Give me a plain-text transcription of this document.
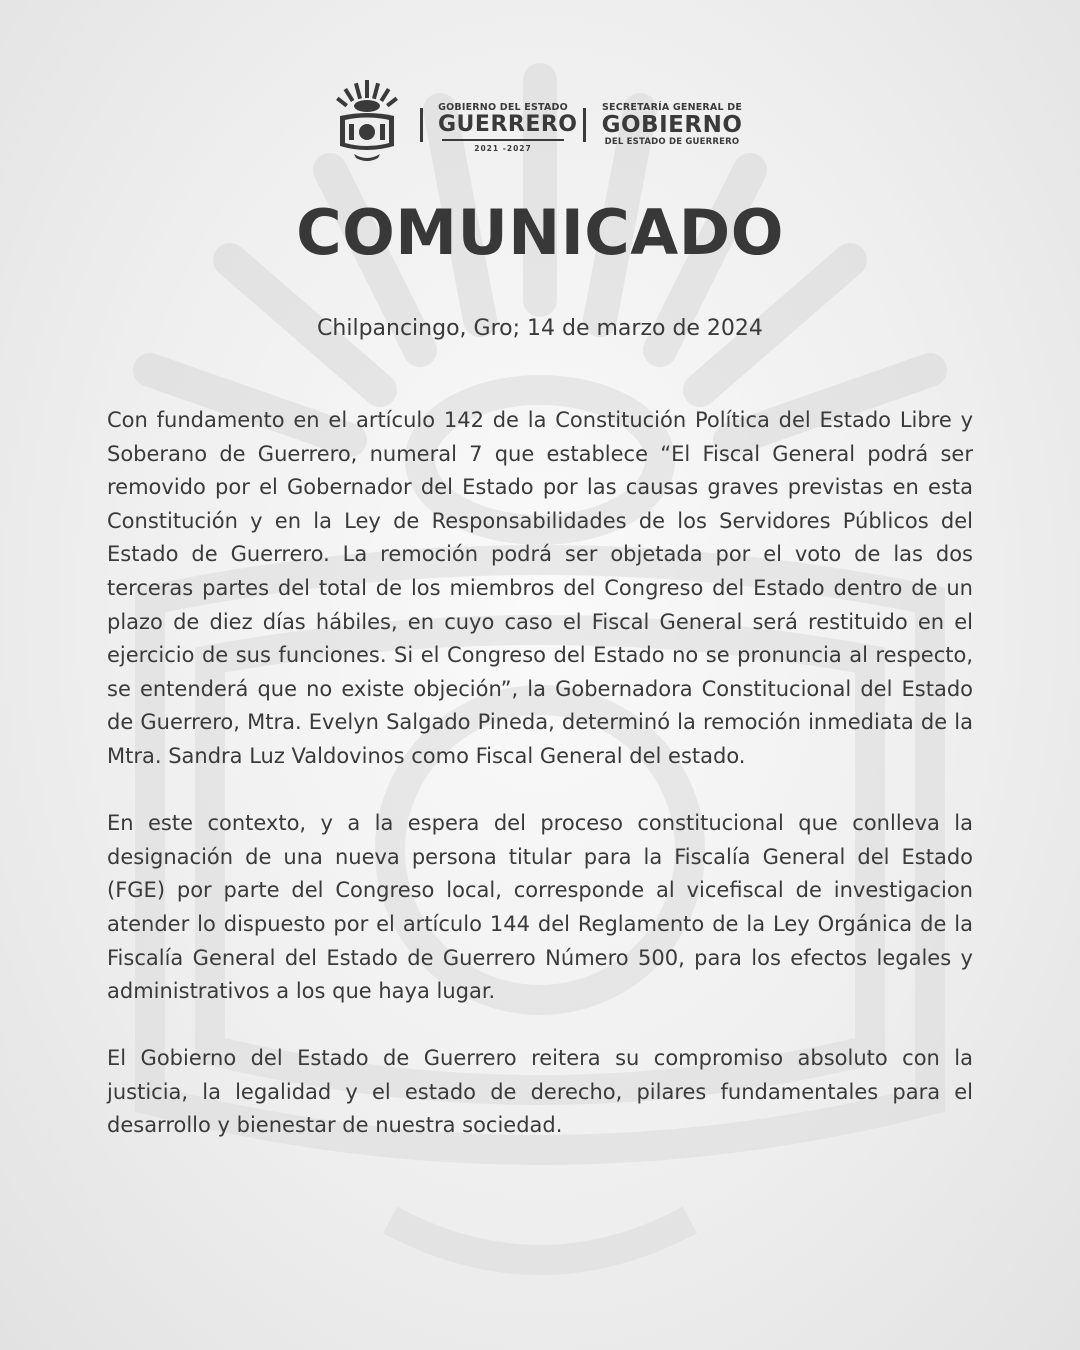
GOBIERNO DEL ESTADO
GUERRERO
2021 -2027
SECRETARÍA GENERAL DE
GOBIERNO
DEL ESTADO DE GUERRERO
COMUNICADO
Chilpancingo, Gro; 14 de marzo de 2024

Con fundamento en el artículo 142 de la Constitución Política del Estado Libre y Soberano de Guerrero, numeral 7 que establece “El Fiscal General podrá ser removido por el Gobernador del Estado por las causas graves previstas en esta Constitución y en la Ley de Responsabilidades de los Servidores Públicos del Estado de Guerrero. La remoción podrá ser objetada por el voto de las dos terceras partes del total de los miembros del Congreso del Estado dentro de un plazo de diez días hábiles, en cuyo caso el Fiscal General será restituido en el ejercicio de sus funciones. Si el Congreso del Estado no se pronuncia al respecto, se entenderá que no existe objeción”, la Gobernadora Constitucional del Estado de Guerrero, Mtra. Evelyn Salgado Pineda, determinó la remoción inmediata de la Mtra. Sandra Luz Valdovinos como Fiscal General del estado.

En este contexto, y a la espera del proceso constitucional que conlleva la designación de una nueva persona titular para la Fiscalía General del Estado (FGE) por parte del Congreso local, corresponde al vicefiscal de investigacion atender lo dispuesto por el artículo 144 del Reglamento de la Ley Orgánica de la Fiscalía General del Estado de Guerrero Número 500, para los efectos legales y administrativos a los que haya lugar.

El Gobierno del Estado de Guerrero reitera su compromiso absoluto con la justicia, la legalidad y el estado de derecho, pilares fundamentales para el desarrollo y bienestar de nuestra sociedad.
